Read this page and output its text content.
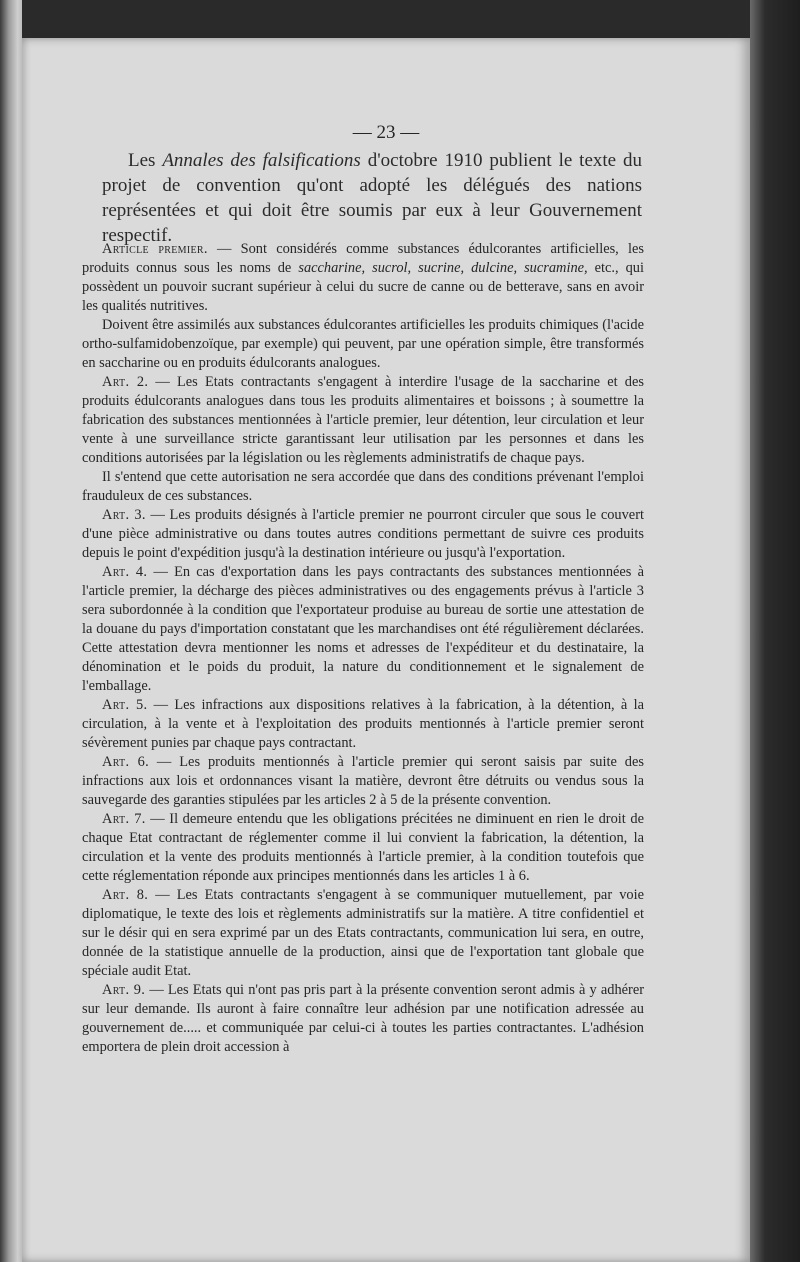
— 23 —

Les Annales des falsifications d'octobre 1910 publient le texte du projet de convention qu'ont adopté les délégués des nations représentées et qui doit être soumis par eux à leur Gouvernement respectif.

Article premier. — Sont considérés comme substances édulcorantes artificielles, les produits connus sous les noms de saccharine, sucrol, sucrine, dulcine, sucramine, etc., qui possèdent un pouvoir sucrant supérieur à celui du sucre de canne ou de betterave, sans en avoir les qualités nutritives.

Doivent être assimilés aux substances édulcorantes artificielles les produits chimiques (l'acide ortho-sulfamidobenzoïque, par exemple) qui peuvent, par une opération simple, être transformés en saccharine ou en produits édulcorants analogues.

Art. 2. — Les Etats contractants s'engagent à interdire l'usage de la saccharine et des produits édulcorants analogues dans tous les produits alimentaires et boissons ; à soumettre la fabrication des substances mentionnées à l'article premier, leur détention, leur circulation et leur vente à une surveillance stricte garantissant leur utilisation par les personnes et dans les conditions autorisées par la législation ou les règlements administratifs de chaque pays.

Il s'entend que cette autorisation ne sera accordée que dans des conditions prévenant l'emploi frauduleux de ces substances.

Art. 3. — Les produits désignés à l'article premier ne pourront circuler que sous le couvert d'une pièce administrative ou dans toutes autres conditions permettant de suivre ces produits depuis le point d'expédition jusqu'à la destination intérieure ou jusqu'à l'exportation.

Art. 4. — En cas d'exportation dans les pays contractants des substances mentionnées à l'article premier, la décharge des pièces administratives ou des engagements prévus à l'article 3 sera subordonnée à la condition que l'exportateur produise au bureau de sortie une attestation de la douane du pays d'importation constatant que les marchandises ont été régulièrement déclarées. Cette attestation devra mentionner les noms et adresses de l'expéditeur et du destinataire, la dénomination et le poids du produit, la nature du conditionnement et le signalement de l'emballage.

Art. 5. — Les infractions aux dispositions relatives à la fabrication, à la détention, à la circulation, à la vente et à l'exploitation des produits mentionnés à l'article premier seront sévèrement punies par chaque pays contractant.

Art. 6. — Les produits mentionnés à l'article premier qui seront saisis par suite des infractions aux lois et ordonnances visant la matière, devront être détruits ou vendus sous la sauvegarde des garanties stipulées par les articles 2 à 5 de la présente convention.

Art. 7. — Il demeure entendu que les obligations précitées ne diminuent en rien le droit de chaque Etat contractant de réglementer comme il lui convient la fabrication, la détention, la circulation et la vente des produits mentionnés à l'article premier, à la condition toutefois que cette réglementation réponde aux principes mentionnés dans les articles 1 à 6.

Art. 8. — Les Etats contractants s'engagent à se communiquer mutuellement, par voie diplomatique, le texte des lois et règlements administratifs sur la matière. A titre confidentiel et sur le désir qui en sera exprimé par un des Etats contractants, communication lui sera, en outre, donnée de la statistique annuelle de la production, ainsi que de l'exportation tant globale que spéciale audit Etat.

Art. 9. — Les Etats qui n'ont pas pris part à la présente convention seront admis à y adhérer sur leur demande. Ils auront à faire connaître leur adhésion par une notification adressée au gouvernement de..... et communiquée par celui-ci à toutes les parties contractantes. L'adhésion emportera de plein droit accession à
